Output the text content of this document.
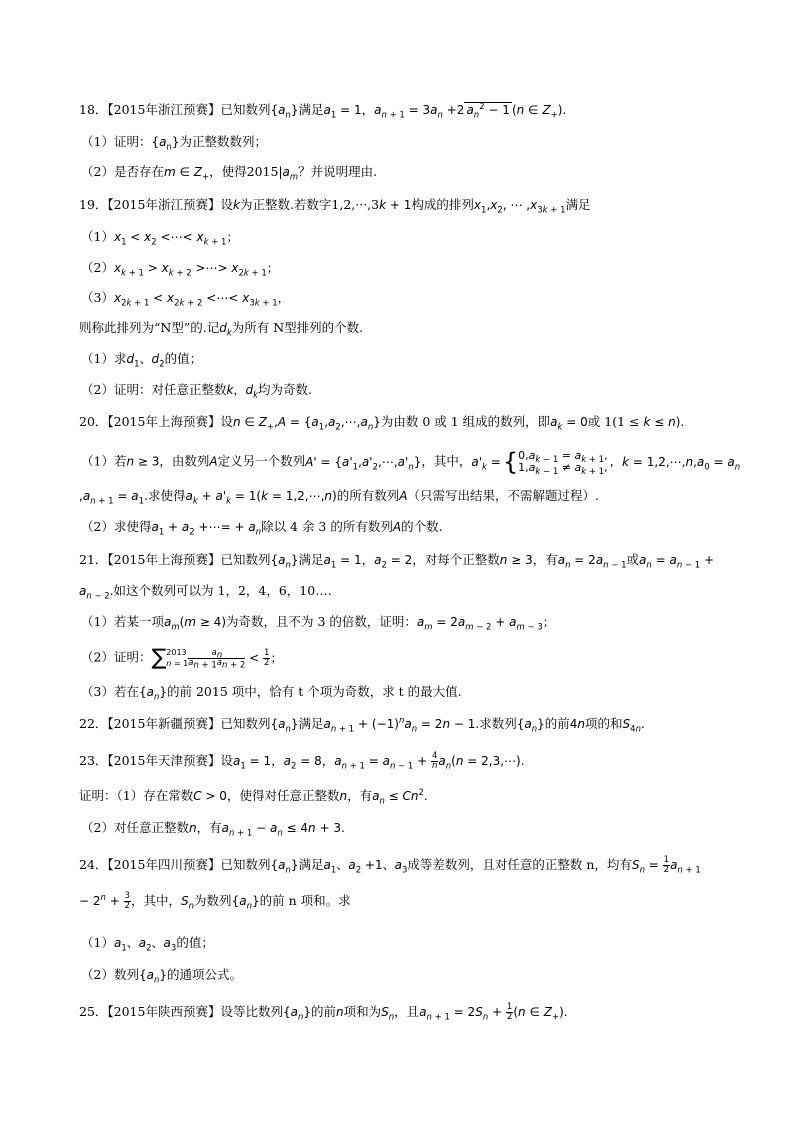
18．【2015年浙江预赛】已知数列$\{a_n\}$满足$a_1 = 1$，$a_{n + 1} = 3a_n +2$ $a_n^2 - 1$ (n ∈ $Z_+$).
（1）证明：$\{a_n\}$为正整数数列；
（2）是否存在m ∈ $Z_+$，使得$2015|a_m$？并说明理由.
19．【2015年浙江预赛】设k为正整数.若数字1,2,···,3k + 1构成的排列$x_1,x_2$, ⋯ $,x_{3k + 1}$满足
$(1)x_1 < x_2$ <⋯< $x_{k + 1}$；
$(2)x_{k + 1} > x_{k + 2}$ >⋯> $x_{2k + 1}$；
$(3)x_{2k + 1} < x_{2k + 2}$ <⋯< $x_{3k + 1}$，
则称此排列为“N型”的.记$d_k$为所有 N型排列的个数.
（1）求$d_1$、$d_2$的值；
（2）证明：对任意正整数k，$d_k$均为奇数.
20．【2015年上海预赛】设n ∈ $Z_+,A$ = $\{a_1,a_2,\cdots,a_n\}$为由数 0 或 1 组成的数列，即$a_k = 0$或 1(1 ≤ k ≤ n).
（1）若n ≥ 3，由数列A定义另一个数列$A' = \{a'_1,a'_2,\cdots,a'_n\}$，其中，$a'_k$ ={ $0,a_{k - 1} = a_{k + 1}$,
$1,a_{k - 1} \ne a_{k + 1}$, ，$k = 1,2,\cdots,n,a_0 = a_n$
$,a_{n + 1} = a_1$.求使得$a_k + a'_k = 1(k$ = 1,2,⋯,n)的所有数列A（只需写出结果，不需解题过程）.
（2）求使得$a_1 + a_2$ +⋯= + $a_n$除以 4 余 3 的所有数列A的个数.
21．【2015年上海预赛】已知数列$\{a_n\}$满足$a_1 = 1$，$a_2 = 2$，对每个正整数n ≥ 3，有$a_n = 2a_{n - 1}$或$a_n = a_{n - 1}$ +
$a_{n - 2}$.如这个数列可以为 1，2，4，6，10….
（1）若某一项$a_m(m \ge 4)$为奇数，且不为 3 的倍数，证明：$a_m = 2a_{m - 2} + a_{m - 3}$；
（2）证明：∑ 2013
$n = 1 \frac{a_n}{a_{n + 1}a_{n + 2}} < \frac{1}{2}$ ；
（3）若在$\{a_n\}$的前 2015 项中，恰有 t 个项为奇数，求 t 的最大值.
22．【2015年新疆预赛】已知数列$\{a_n\}$满足$a_{n + 1} + (-1)^na_n = 2n - 1$.求数列$\{a_n\}$的前4n项的和$S_{4n}$.
23．【2015年天津预赛】设$a_1 = 1$，$a_2 = 8$，$a_{n + 1} = a_{n - 1} + \frac{4}{n} a_n(n$ = 2,3,⋯).
证明：（1）存在常数C > 0，使得对任意正整数n，有$a_n \le Cn^2$.
（2）对任意正整数n，有$a_{n + 1} - a_n \le 4n + 3$.
24．【2015年四川预赛】已知数列$\{a_n\}$满足$a_1$、$a_2 +1$、$a_3$成等差数列，且对任意的正整数 n，均有$S_n = \frac{1}{2} a_{n + 1}$
− $2^n + \frac{3}{2}$ ，其中，$S_n$为数列$\{a_n\}$的前 n 项和。求
$(1)a_1$、$a_2$、$a_3$的值；
（2）数列$\{a_n\}$的通项公式。
25．【2015年陕西预赛】设等比数列$\{a_n\}$的前n项和为$S_n$，且$a_{n + 1} = 2S_n + \frac{1}{2} (n$ ∈ $Z_+$).
